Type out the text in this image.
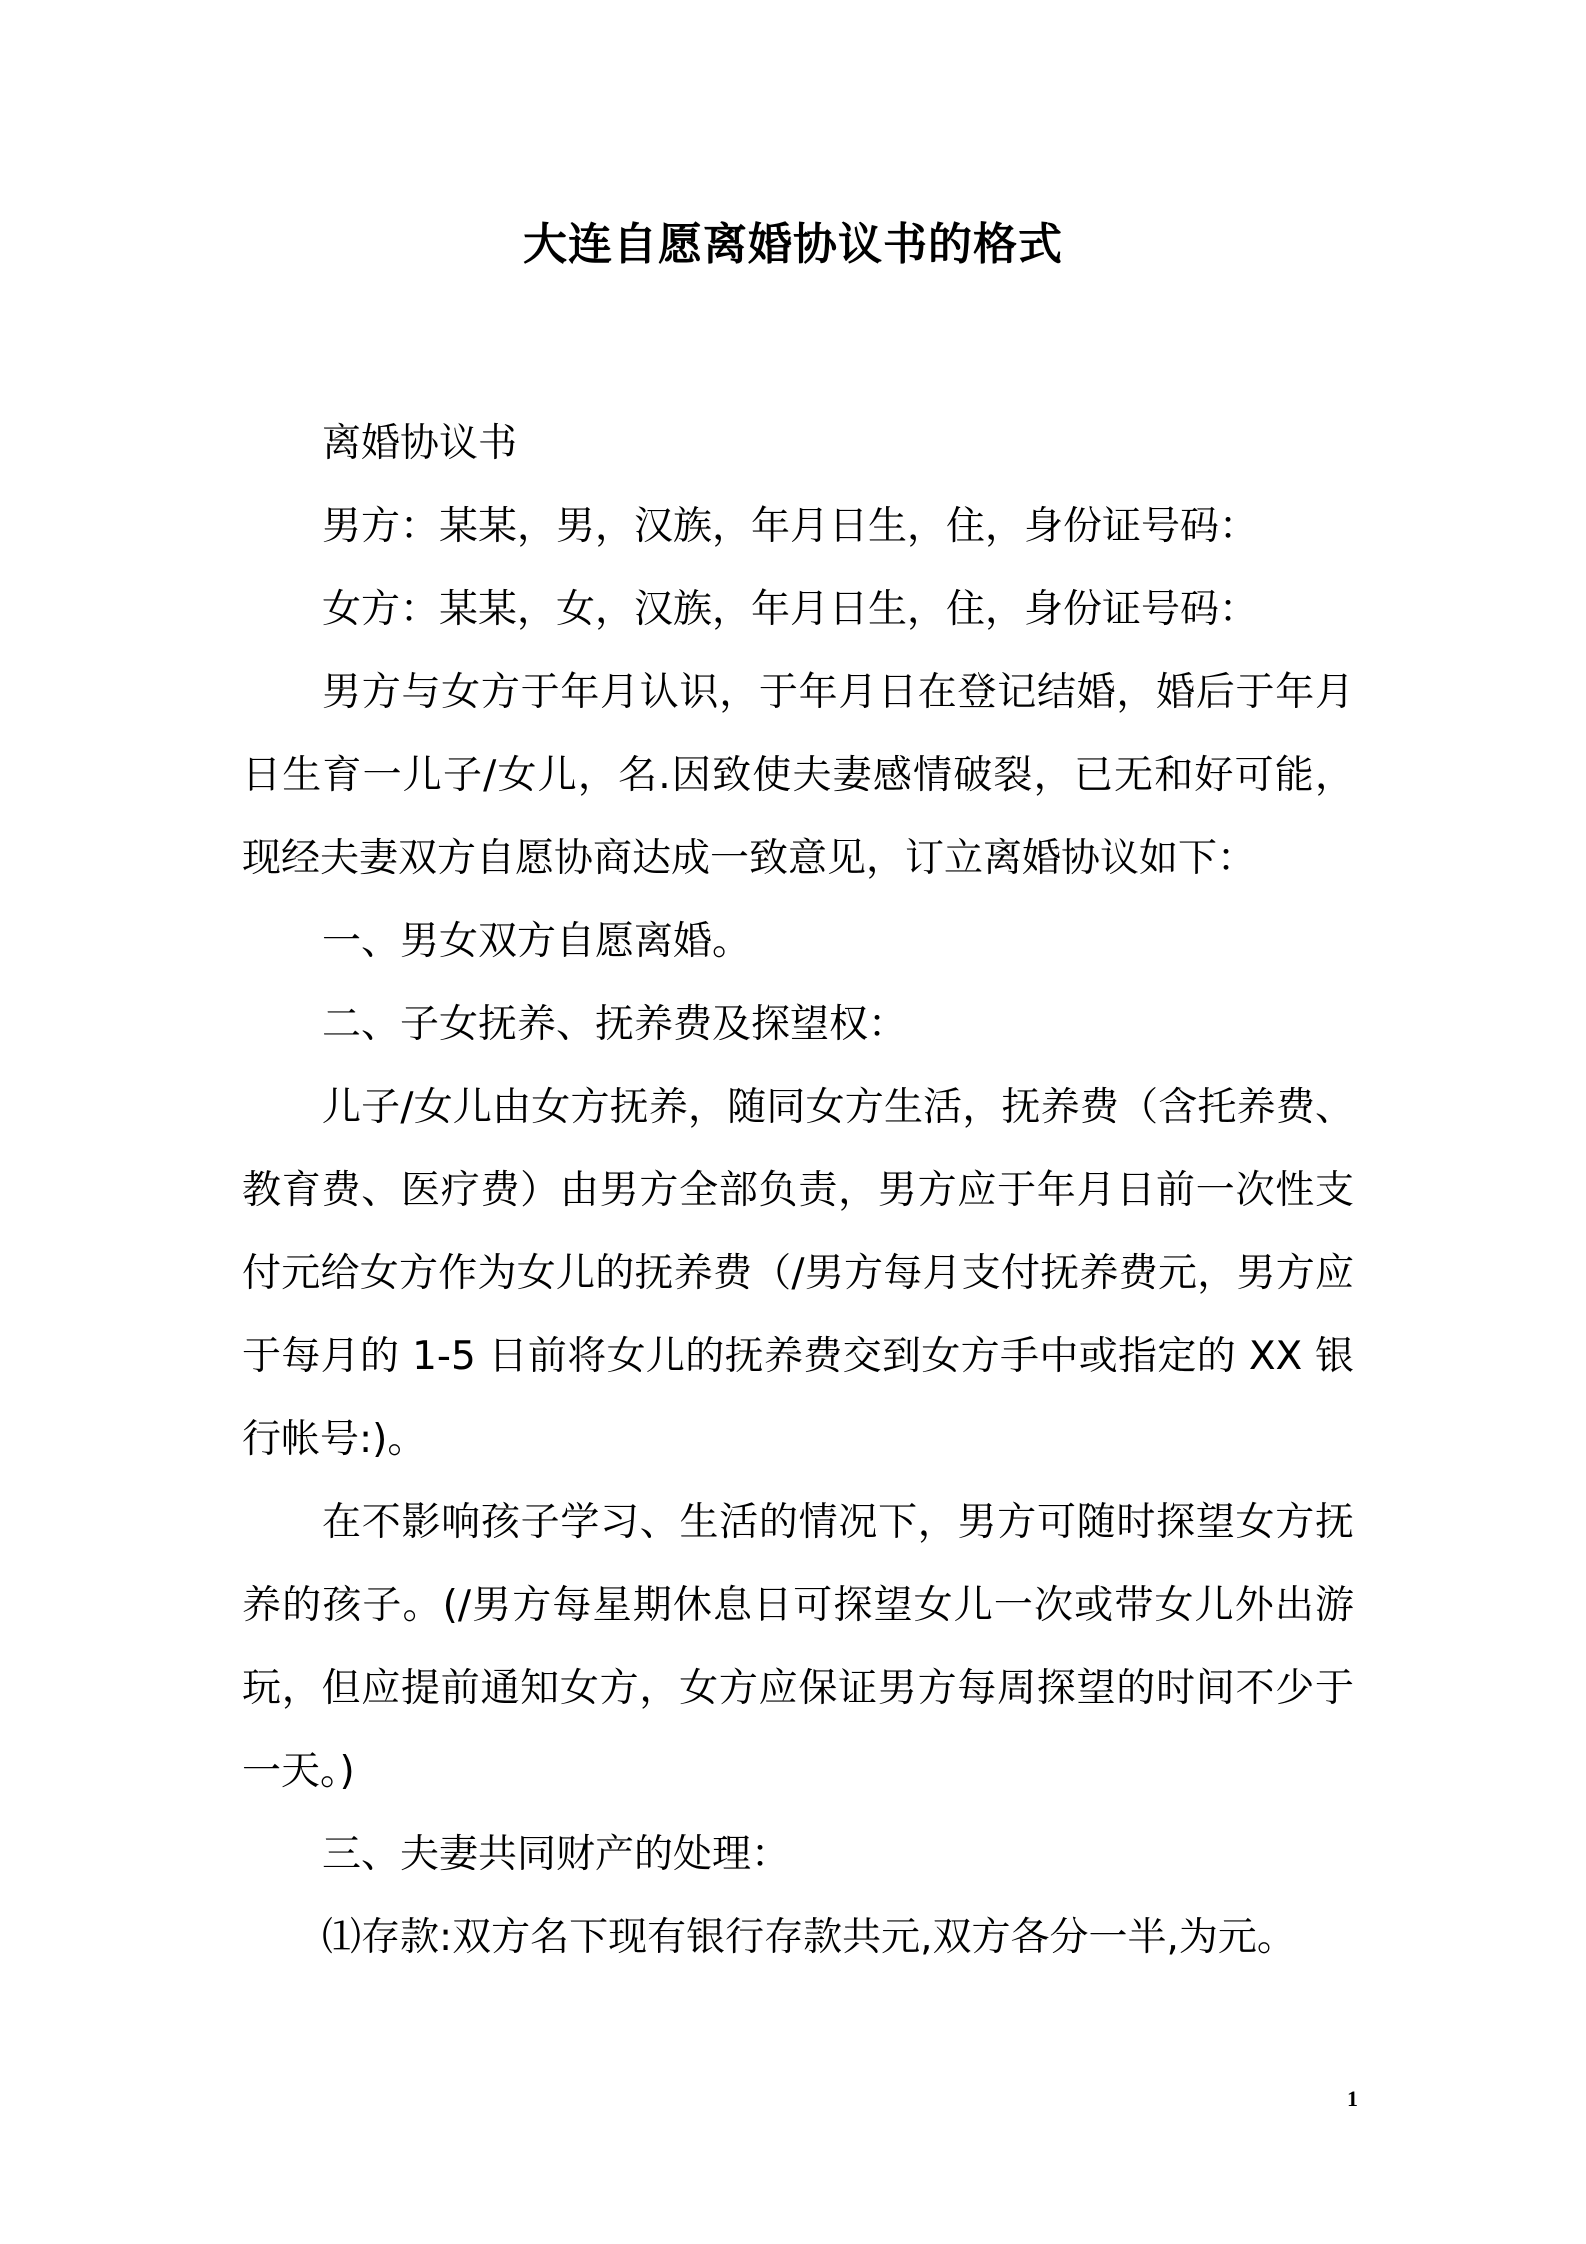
大连自愿离婚协议书的格式

离婚协议书

男方：某某，男，汉族，年月日生，住，身份证号码：

女方：某某，女，汉族，年月日生，住，身份证号码：

男方与女方于年月认识，于年月日在登记结婚，婚后于年月日生育一儿子/女儿，名.因致使夫妻感情破裂，已无和好可能，现经夫妻双方自愿协商达成一致意见，订立离婚协议如下：

一、男女双方自愿离婚。

二、子女抚养、抚养费及探望权：

儿子/女儿由女方抚养，随同女方生活，抚养费（含托养费、教育费、医疗费）由男方全部负责，男方应于年月日前一次性支付元给女方作为女儿的抚养费（/男方每月支付抚养费元，男方应于每月的 1-5 日前将女儿的抚养费交到女方手中或指定的 XX 银行帐号:)。

在不影响孩子学习、生活的情况下，男方可随时探望女方抚养的孩子。(/男方每星期休息日可探望女儿一次或带女儿外出游玩，但应提前通知女方，女方应保证男方每周探望的时间不少于一天。)

三、夫妻共同财产的处理：

⑴存款:双方名下现有银行存款共元,双方各分一半,为元。

1
